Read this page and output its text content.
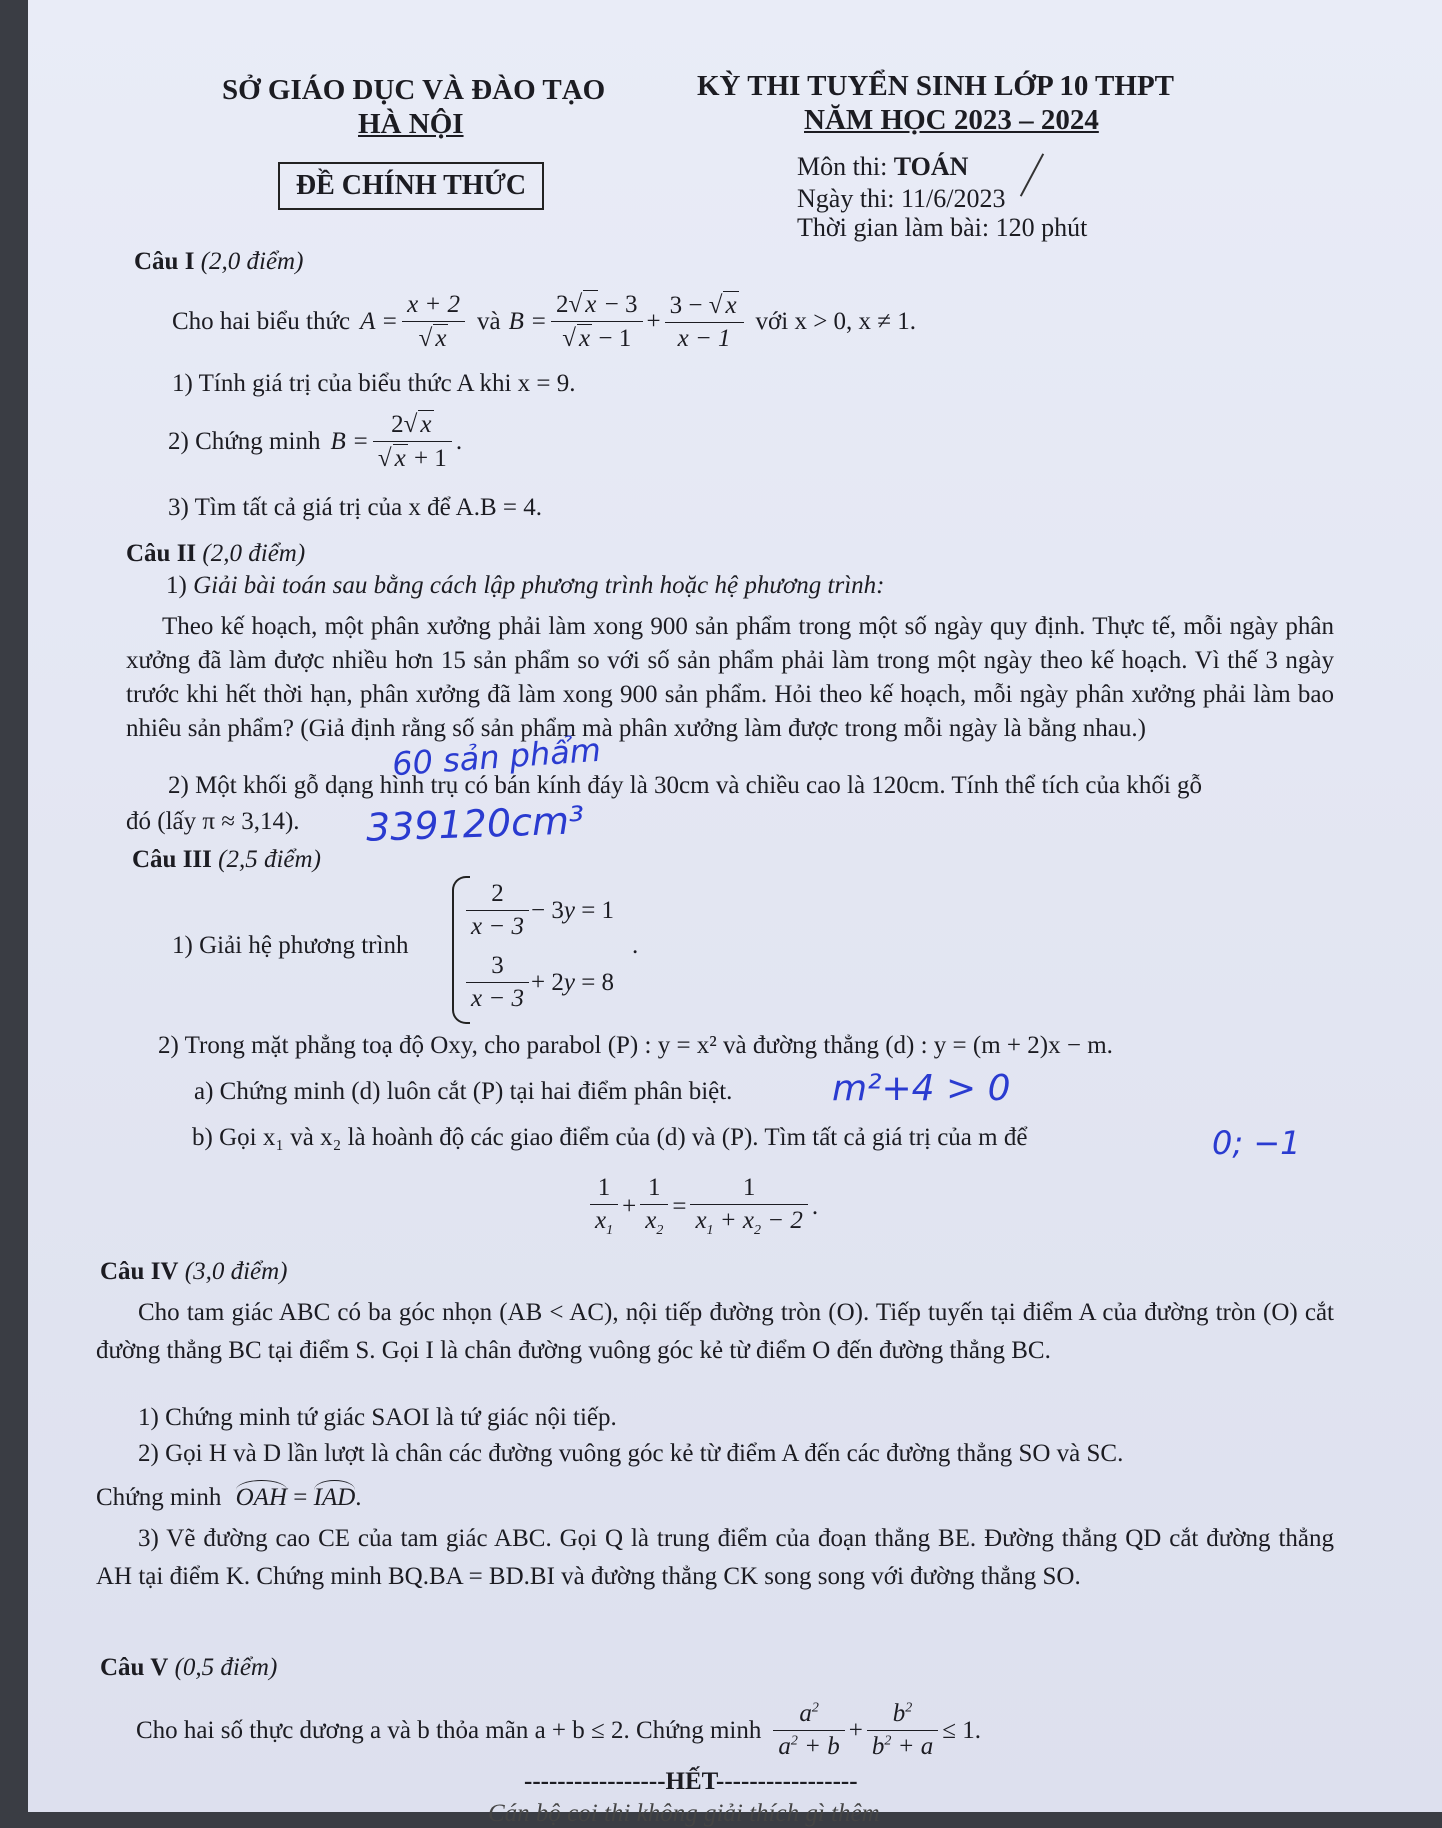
SỞ GIÁO DỤC VÀ ĐÀO TẠO
HÀ NỘI
ĐỀ CHÍNH THỨC
KỲ THI TUYỂN SINH LỚP 10 THPT
NĂM HỌC 2023 – 2024
Môn thi: TOÁN
Ngày thi: 11/6/2023
Thời gian làm bài: 120 phút
Câu I (2,0 điểm)
Cho hai biểu thức $A = \frac{x + 2}{√ x}$ và $B = \frac{2√ x - 3}{√ x - 1} + \frac{3 - √ x}{x - 1}$ với x > 0, x ≠ 1.
1) Tính giá trị của biểu thức A khi x = 9.
2) Chứng minh $B = \frac{2√ x}{√ x + 1}$ .
3) Tìm tất cả giá trị của x để A.B = 4.
Câu II (2,0 điểm)
1) Giải bài toán sau bằng cách lập phương trình hoặc hệ phương trình:
Theo kế hoạch, một phân xưởng phải làm xong 900 sản phẩm trong một số ngày quy định. Thực tế, mỗi ngày phân xưởng đã làm được nhiều hơn 15 sản phẩm so với số sản phẩm phải làm trong một ngày theo kế hoạch. Vì thế 3 ngày trước khi hết thời hạn, phân xưởng đã làm xong 900 sản phẩm. Hỏi theo kế hoạch, mỗi ngày phân xưởng phải làm bao nhiêu sản phẩm? (Giả định rằng số sản phẩm mà phân xưởng làm được trong mỗi ngày là bằng nhau.)
2) Một khối gỗ dạng hình trụ có bán kính đáy là 30cm và chiều cao là 120cm. Tính thể tích của khối gỗ
đó (lấy π ≈ 3,14).
Câu III (2,5 điểm)
1) Giải hệ phương trình
$\frac{2}{x - 3} - 3y = 1$
$\frac{3}{x - 3} + 2y = 8$
.
2) Trong mặt phẳng toạ độ Oxy, cho parabol (P) : y = x² và đường thẳng (d) : y = (m + 2)x − m.
a) Chứng minh (d) luôn cắt (P) tại hai điểm phân biệt.
b) Gọi x₁ và x₂ là hoành độ các giao điểm của (d) và (P). Tìm tất cả giá trị của m để
$\frac{1}{x_1} + \frac{1}{x_2} = \frac{1}{x_1 + x_2 - 2}$ .
Câu IV (3,0 điểm)
Cho tam giác ABC có ba góc nhọn (AB < AC), nội tiếp đường tròn (O). Tiếp tuyến tại điểm A của đường tròn (O) cắt đường thẳng BC tại điểm S. Gọi I là chân đường vuông góc kẻ từ điểm O đến đường thẳng BC.
1) Chứng minh tứ giác SAOI là tứ giác nội tiếp.
2) Gọi H và D lần lượt là chân các đường vuông góc kẻ từ điểm A đến các đường thẳng SO và SC.
Chứng minh OAH = IAD.
3) Vẽ đường cao CE của tam giác ABC. Gọi Q là trung điểm của đoạn thẳng BE. Đường thẳng QD cắt đường thẳng AH tại điểm K. Chứng minh BQ.BA = BD.BI và đường thẳng CK song song với đường thẳng SO.
Câu V (0,5 điểm)
Cho hai số thực dương a và b thỏa mãn a + b ≤ 2. Chứng minh $\frac{a^2}{a^2 + b} + \frac{b^2}{b^2 + a} \le 1$.
-----------------HẾT-----------------
Cán bộ coi thi không giải thích gì thêm
60 sản phẩm
339120cm³
m²+4 > 0
0; −1
